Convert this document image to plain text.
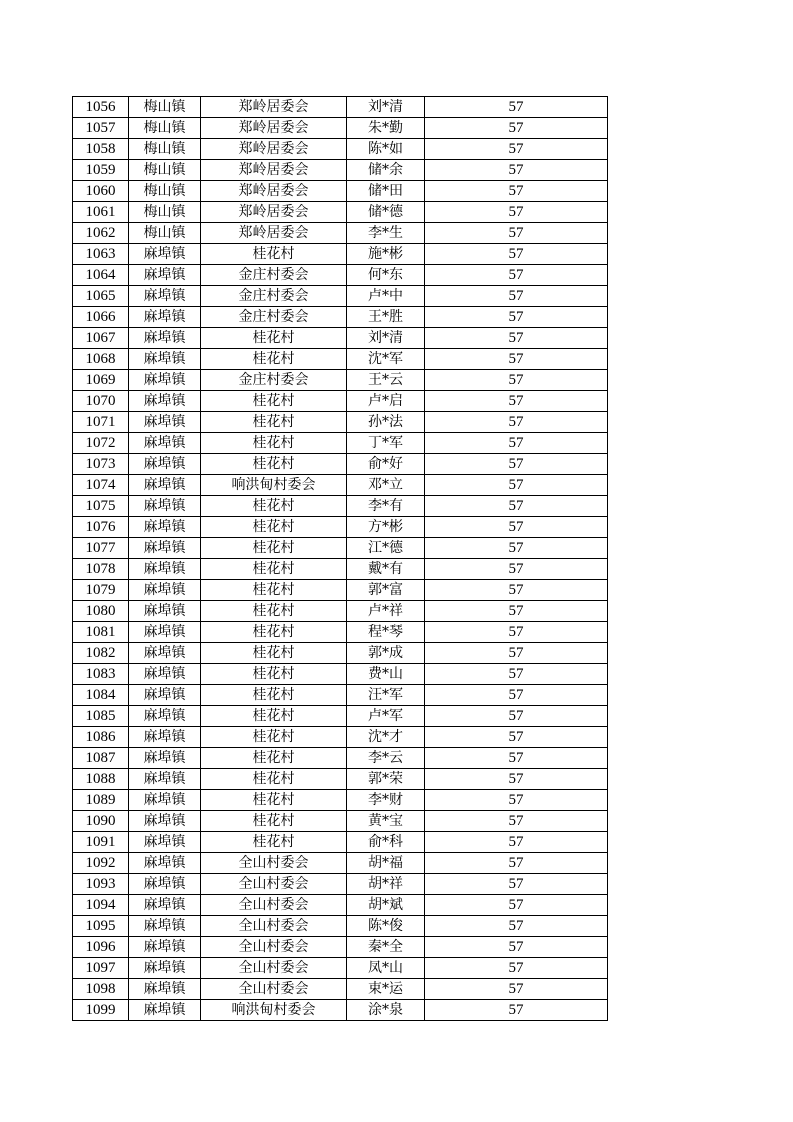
1056	梅山镇	郑岭居委会	刘*清	57
1057	梅山镇	郑岭居委会	朱*勤	57
1058	梅山镇	郑岭居委会	陈*如	57
1059	梅山镇	郑岭居委会	储*余	57
1060	梅山镇	郑岭居委会	储*田	57
1061	梅山镇	郑岭居委会	储*德	57
1062	梅山镇	郑岭居委会	李*生	57
1063	麻埠镇	桂花村	施*彬	57
1064	麻埠镇	金庄村委会	何*东	57
1065	麻埠镇	金庄村委会	卢*中	57
1066	麻埠镇	金庄村委会	王*胜	57
1067	麻埠镇	桂花村	刘*清	57
1068	麻埠镇	桂花村	沈*军	57
1069	麻埠镇	金庄村委会	王*云	57
1070	麻埠镇	桂花村	卢*启	57
1071	麻埠镇	桂花村	孙*法	57
1072	麻埠镇	桂花村	丁*军	57
1073	麻埠镇	桂花村	俞*好	57
1074	麻埠镇	响洪甸村委会	邓*立	57
1075	麻埠镇	桂花村	李*有	57
1076	麻埠镇	桂花村	方*彬	57
1077	麻埠镇	桂花村	江*德	57
1078	麻埠镇	桂花村	戴*有	57
1079	麻埠镇	桂花村	郭*富	57
1080	麻埠镇	桂花村	卢*祥	57
1081	麻埠镇	桂花村	程*琴	57
1082	麻埠镇	桂花村	郭*成	57
1083	麻埠镇	桂花村	费*山	57
1084	麻埠镇	桂花村	汪*军	57
1085	麻埠镇	桂花村	卢*军	57
1086	麻埠镇	桂花村	沈*才	57
1087	麻埠镇	桂花村	李*云	57
1088	麻埠镇	桂花村	郭*荣	57
1089	麻埠镇	桂花村	李*财	57
1090	麻埠镇	桂花村	黄*宝	57
1091	麻埠镇	桂花村	俞*科	57
1092	麻埠镇	全山村委会	胡*福	57
1093	麻埠镇	全山村委会	胡*祥	57
1094	麻埠镇	全山村委会	胡*斌	57
1095	麻埠镇	全山村委会	陈*俊	57
1096	麻埠镇	全山村委会	秦*全	57
1097	麻埠镇	全山村委会	凤*山	57
1098	麻埠镇	全山村委会	束*运	57
1099	麻埠镇	响洪甸村委会	涂*泉	57
